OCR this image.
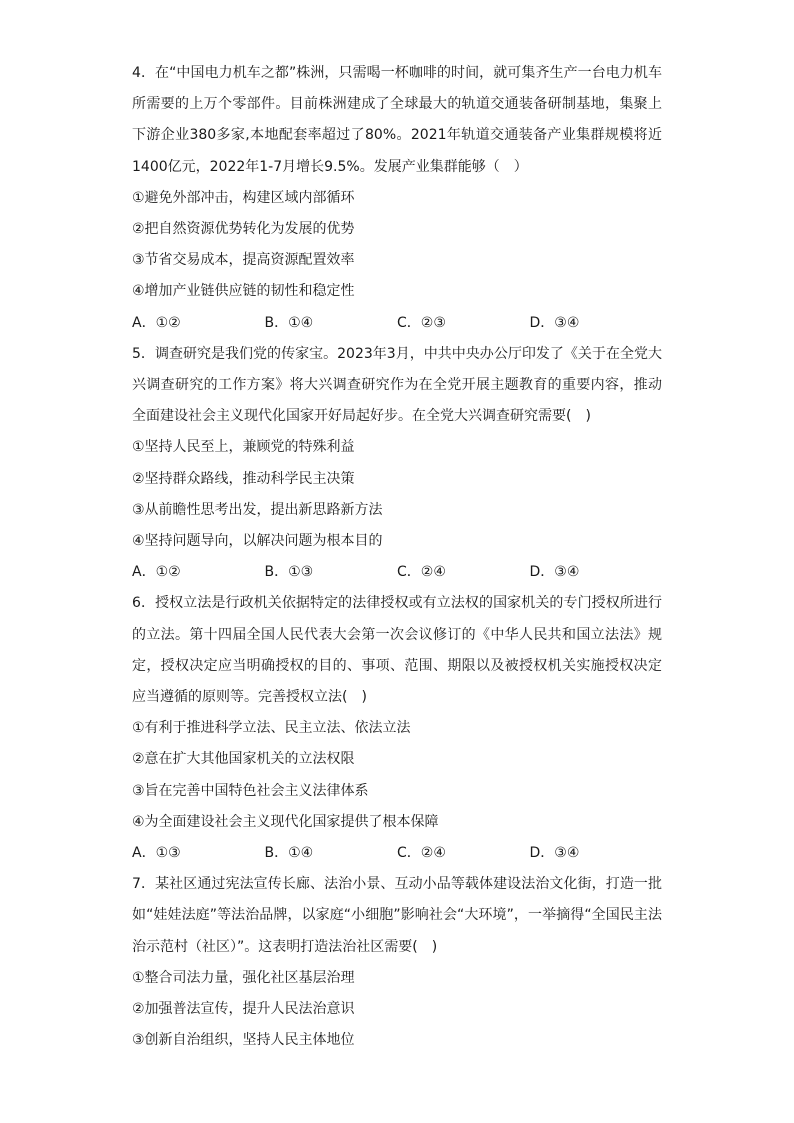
4．在“中国电力机车之都”株洲，只需喝一杯咖啡的时间，就可集齐生产一台电力机车所需要的上万个零部件。目前株洲建成了全球最大的轨道交通装备研制基地，集聚上下游企业380多家,本地配套率超过了80%。2021年轨道交通装备产业集群规模将近1400亿元，2022年1-7月增长9.5%。发展产业集群能够（　）

①避免外部冲击，构建区域内部循环

②把自然资源优势转化为发展的优势

③节省交易成本，提高资源配置效率

④增加产业链供应链的韧性和稳定性

A．①②	B．①④	C．②③	D．③④

5．调查研究是我们党的传家宝。2023年3月，中共中央办公厅印发了《关于在全党大兴调查研究的工作方案》将大兴调查研究作为在全党开展主题教育的重要内容，推动全面建设社会主义现代化国家开好局起好步。在全党大兴调查研究需要(　)

①坚持人民至上，兼顾党的特殊利益

②坚持群众路线，推动科学民主决策

③从前瞻性思考出发，提出新思路新方法

④坚持问题导向，以解决问题为根本目的

A．①②	B．①③	C．②④	D．③④

6．授权立法是行政机关依据特定的法律授权或有立法权的国家机关的专门授权所进行的立法。第十四届全国人民代表大会第一次会议修订的《中华人民共和国立法法》规定，授权决定应当明确授权的目的、事项、范围、期限以及被授权机关实施授权决定应当遵循的原则等。完善授权立法(　)

①有利于推进科学立法、民主立法、依法立法

②意在扩大其他国家机关的立法权限

③旨在完善中国特色社会主义法律体系

④为全面建设社会主义现代化国家提供了根本保障

A．①③	B．①④	C．②④	D．③④

7．某社区通过宪法宣传长廊、法治小景、互动小品等载体建设法治文化街，打造一批如“娃娃法庭”等法治品牌，以家庭“小细胞”影响社会“大环境”，一举摘得“全国民主法治示范村（社区）”。这表明打造法治社区需要(　)

①整合司法力量，强化社区基层治理

②加强普法宣传，提升人民法治意识

③创新自治组织，坚持人民主体地位
